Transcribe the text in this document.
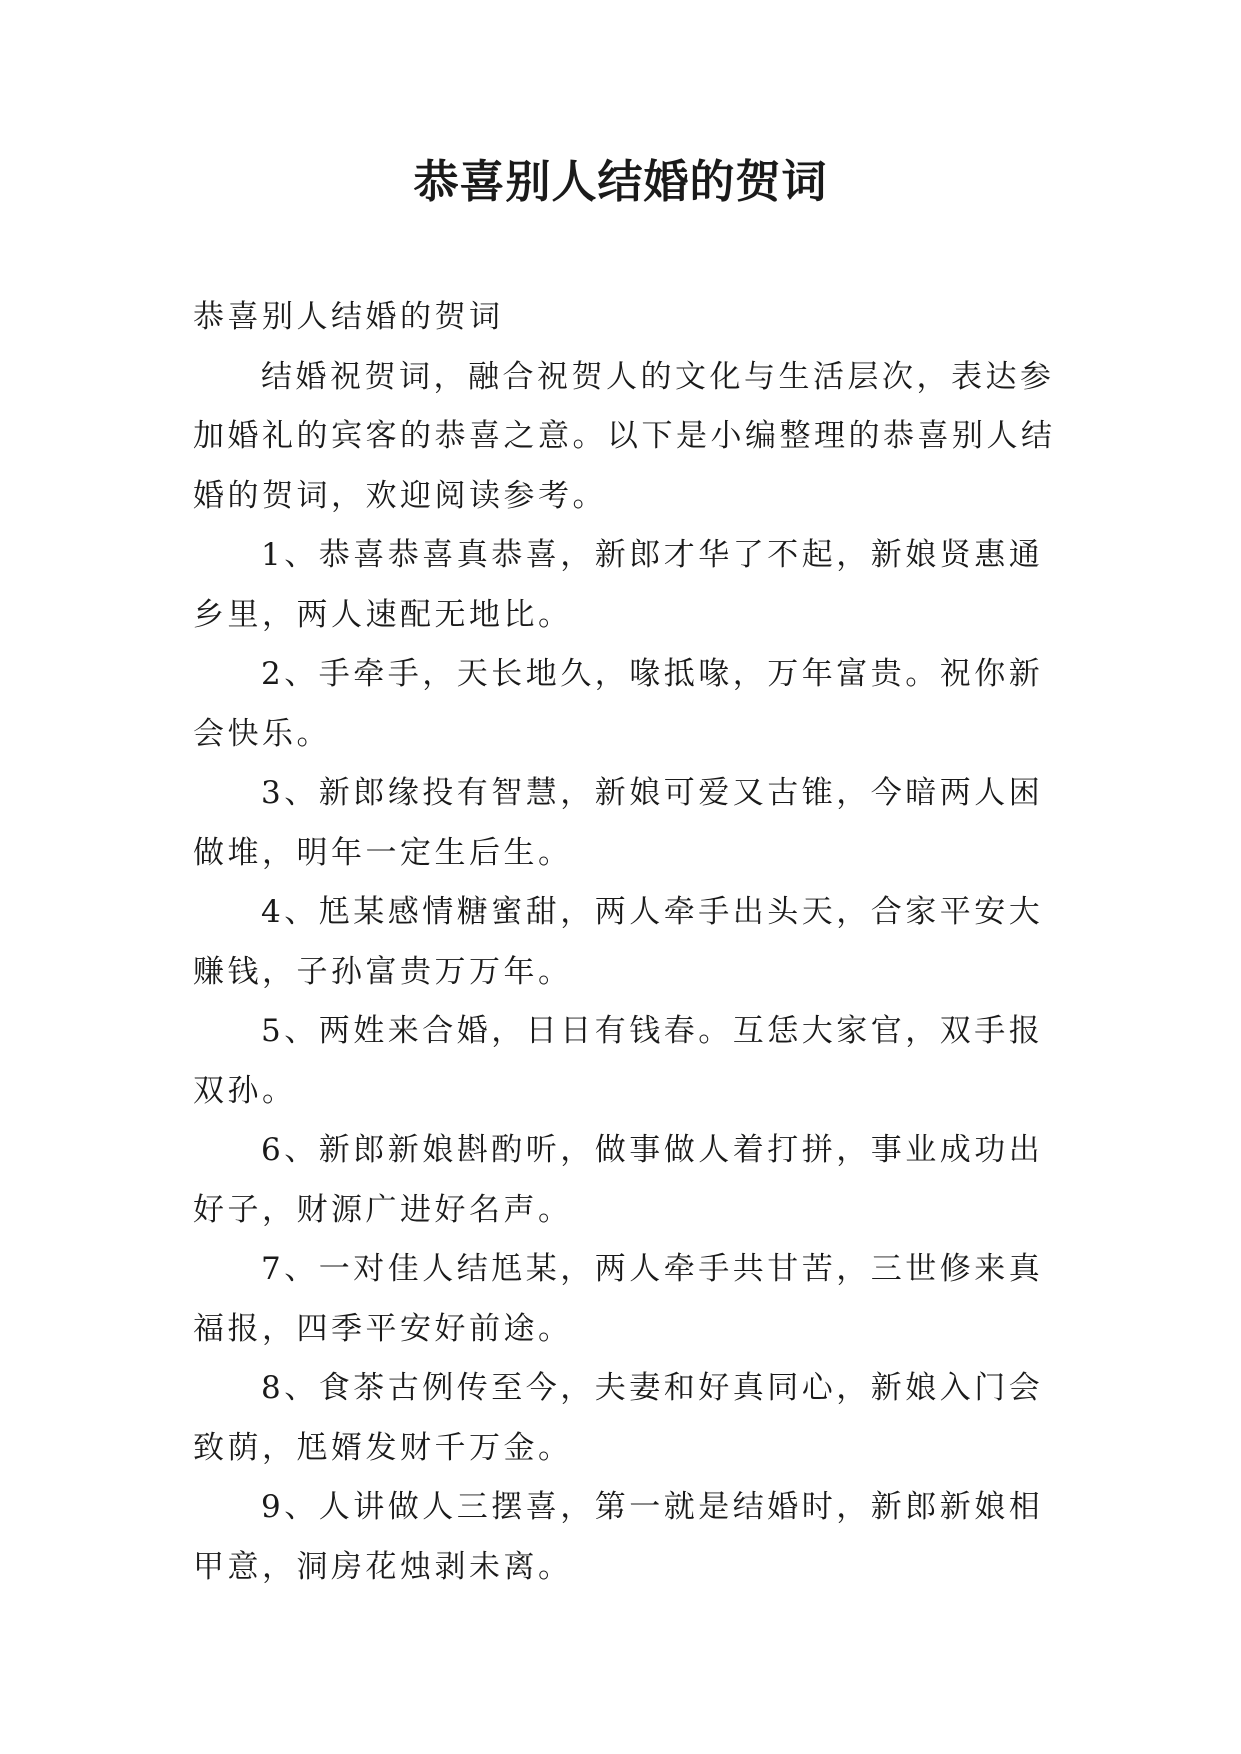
恭喜别人结婚的贺词

恭喜别人结婚的贺词

结婚祝贺词，融合祝贺人的文化与生活层次，表达参加婚礼的宾客的恭喜之意。以下是小编整理的恭喜别人结婚的贺词，欢迎阅读参考。

1、恭喜恭喜真恭喜，新郎才华了不起，新娘贤惠通乡里，两人速配无地比。

2、手牵手，天长地久，喙抵喙，万年富贵。祝你新会快乐。

3、新郎缘投有智慧，新娘可爱又古锥，今暗两人困做堆，明年一定生后生。

4、尪某感情糖蜜甜，两人牵手出头天，合家平安大赚钱，子孙富贵万万年。

5、两姓来合婚，日日有钱春。互恁大家官，双手报双孙。

6、新郎新娘斟酌听，做事做人着打拼，事业成功出好子，财源广进好名声。

7、一对佳人结尪某，两人牵手共甘苦，三世修来真福报，四季平安好前途。

8、食茶古例传至今，夫妻和好真同心，新娘入门会致荫，尪婿发财千万金。

9、人讲做人三摆喜，第一就是结婚时，新郎新娘相甲意，洞房花烛剥未离。
